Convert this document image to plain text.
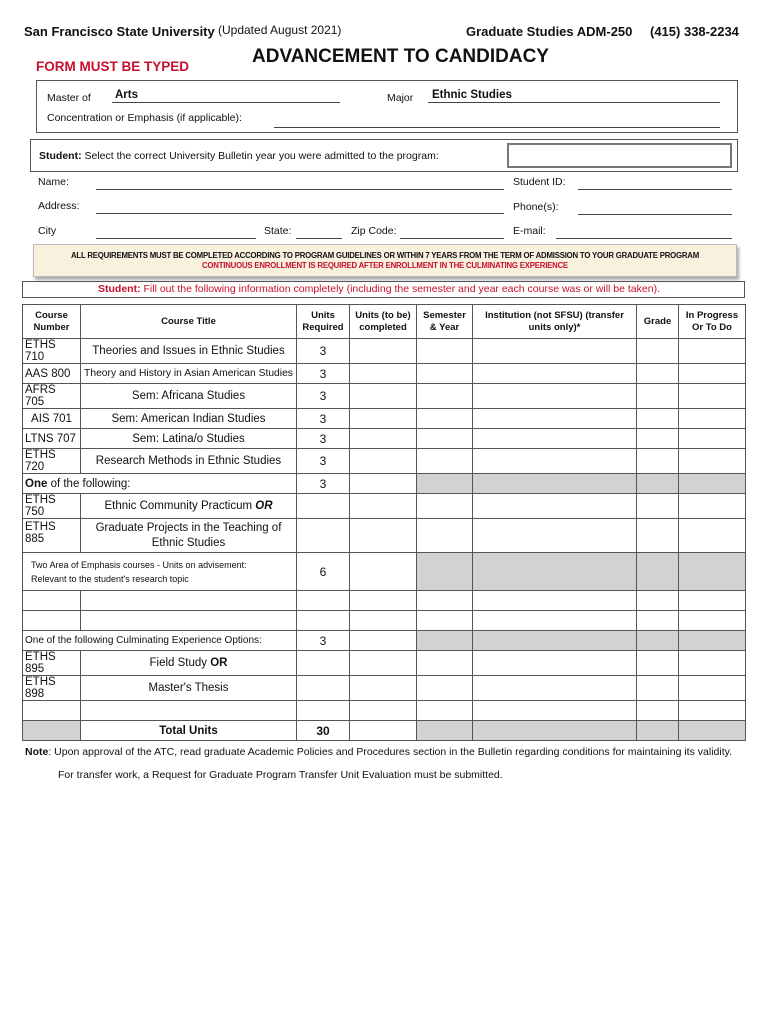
San Francisco State University (Updated August 2021)	Graduate Studies ADM-250 (415) 338-2234
ADVANCEMENT TO CANDIDACY
FORM MUST BE TYPED
Master of Arts	Major Ethnic Studies
Concentration or Emphasis (if applicable):
Student: Select the correct University Bulletin year you were admitted to the program:
Name:	Student ID:
Address:	Phone(s):
City	State:	Zip Code:	E-mail:
ALL REQUIREMENTS MUST BE COMPLETED ACCORDING TO PROGRAM GUIDELINES OR WITHIN 7 YEARS FROM THE TERM OF ADMISSION TO YOUR GRADUATE PROGRAM
CONTINUOUS ENROLLMENT IS REQUIRED AFTER ENROLLMENT IN THE CULMINATING EXPERIENCE
Student: Fill out the following information completely (including the semester and year each course was or will be taken).
Course Number	Course Title	Units Required	Units (to be) completed	Semester & Year	Institution (not SFSU) (transfer units only)*	Grade	In Progress Or To Do
ETHS 710	Theories and Issues in Ethnic Studies	3					
AAS 800	Theory and History in Asian American Studies	3					
AFRS 705	Sem: Africana Studies	3					
AIS 701	Sem: American Indian Studies	3					
LTNS 707	Sem: Latina/o Studies	3					
ETHS 720	Research Methods in Ethnic Studies	3					
One of the following:		3					
ETHS 750	Ethnic Community Practicum OR						
ETHS 885	Graduate Projects in the Teaching of
Ethnic Studies						

Two Area of Emphasis courses - Units on advisement:
Relevant to the student's research topic		6					

One of the following Culminating Experience Options:		3					
ETHS 895	Field Study OR						
ETHS 898	Master's Thesis						

	Total Units	30					
Note: Upon approval of the ATC, read graduate Academic Policies and Procedures section in the Bulletin regarding conditions for maintaining its validity.
For transfer work, a Request for Graduate Program Transfer Unit Evaluation must be submitted.
